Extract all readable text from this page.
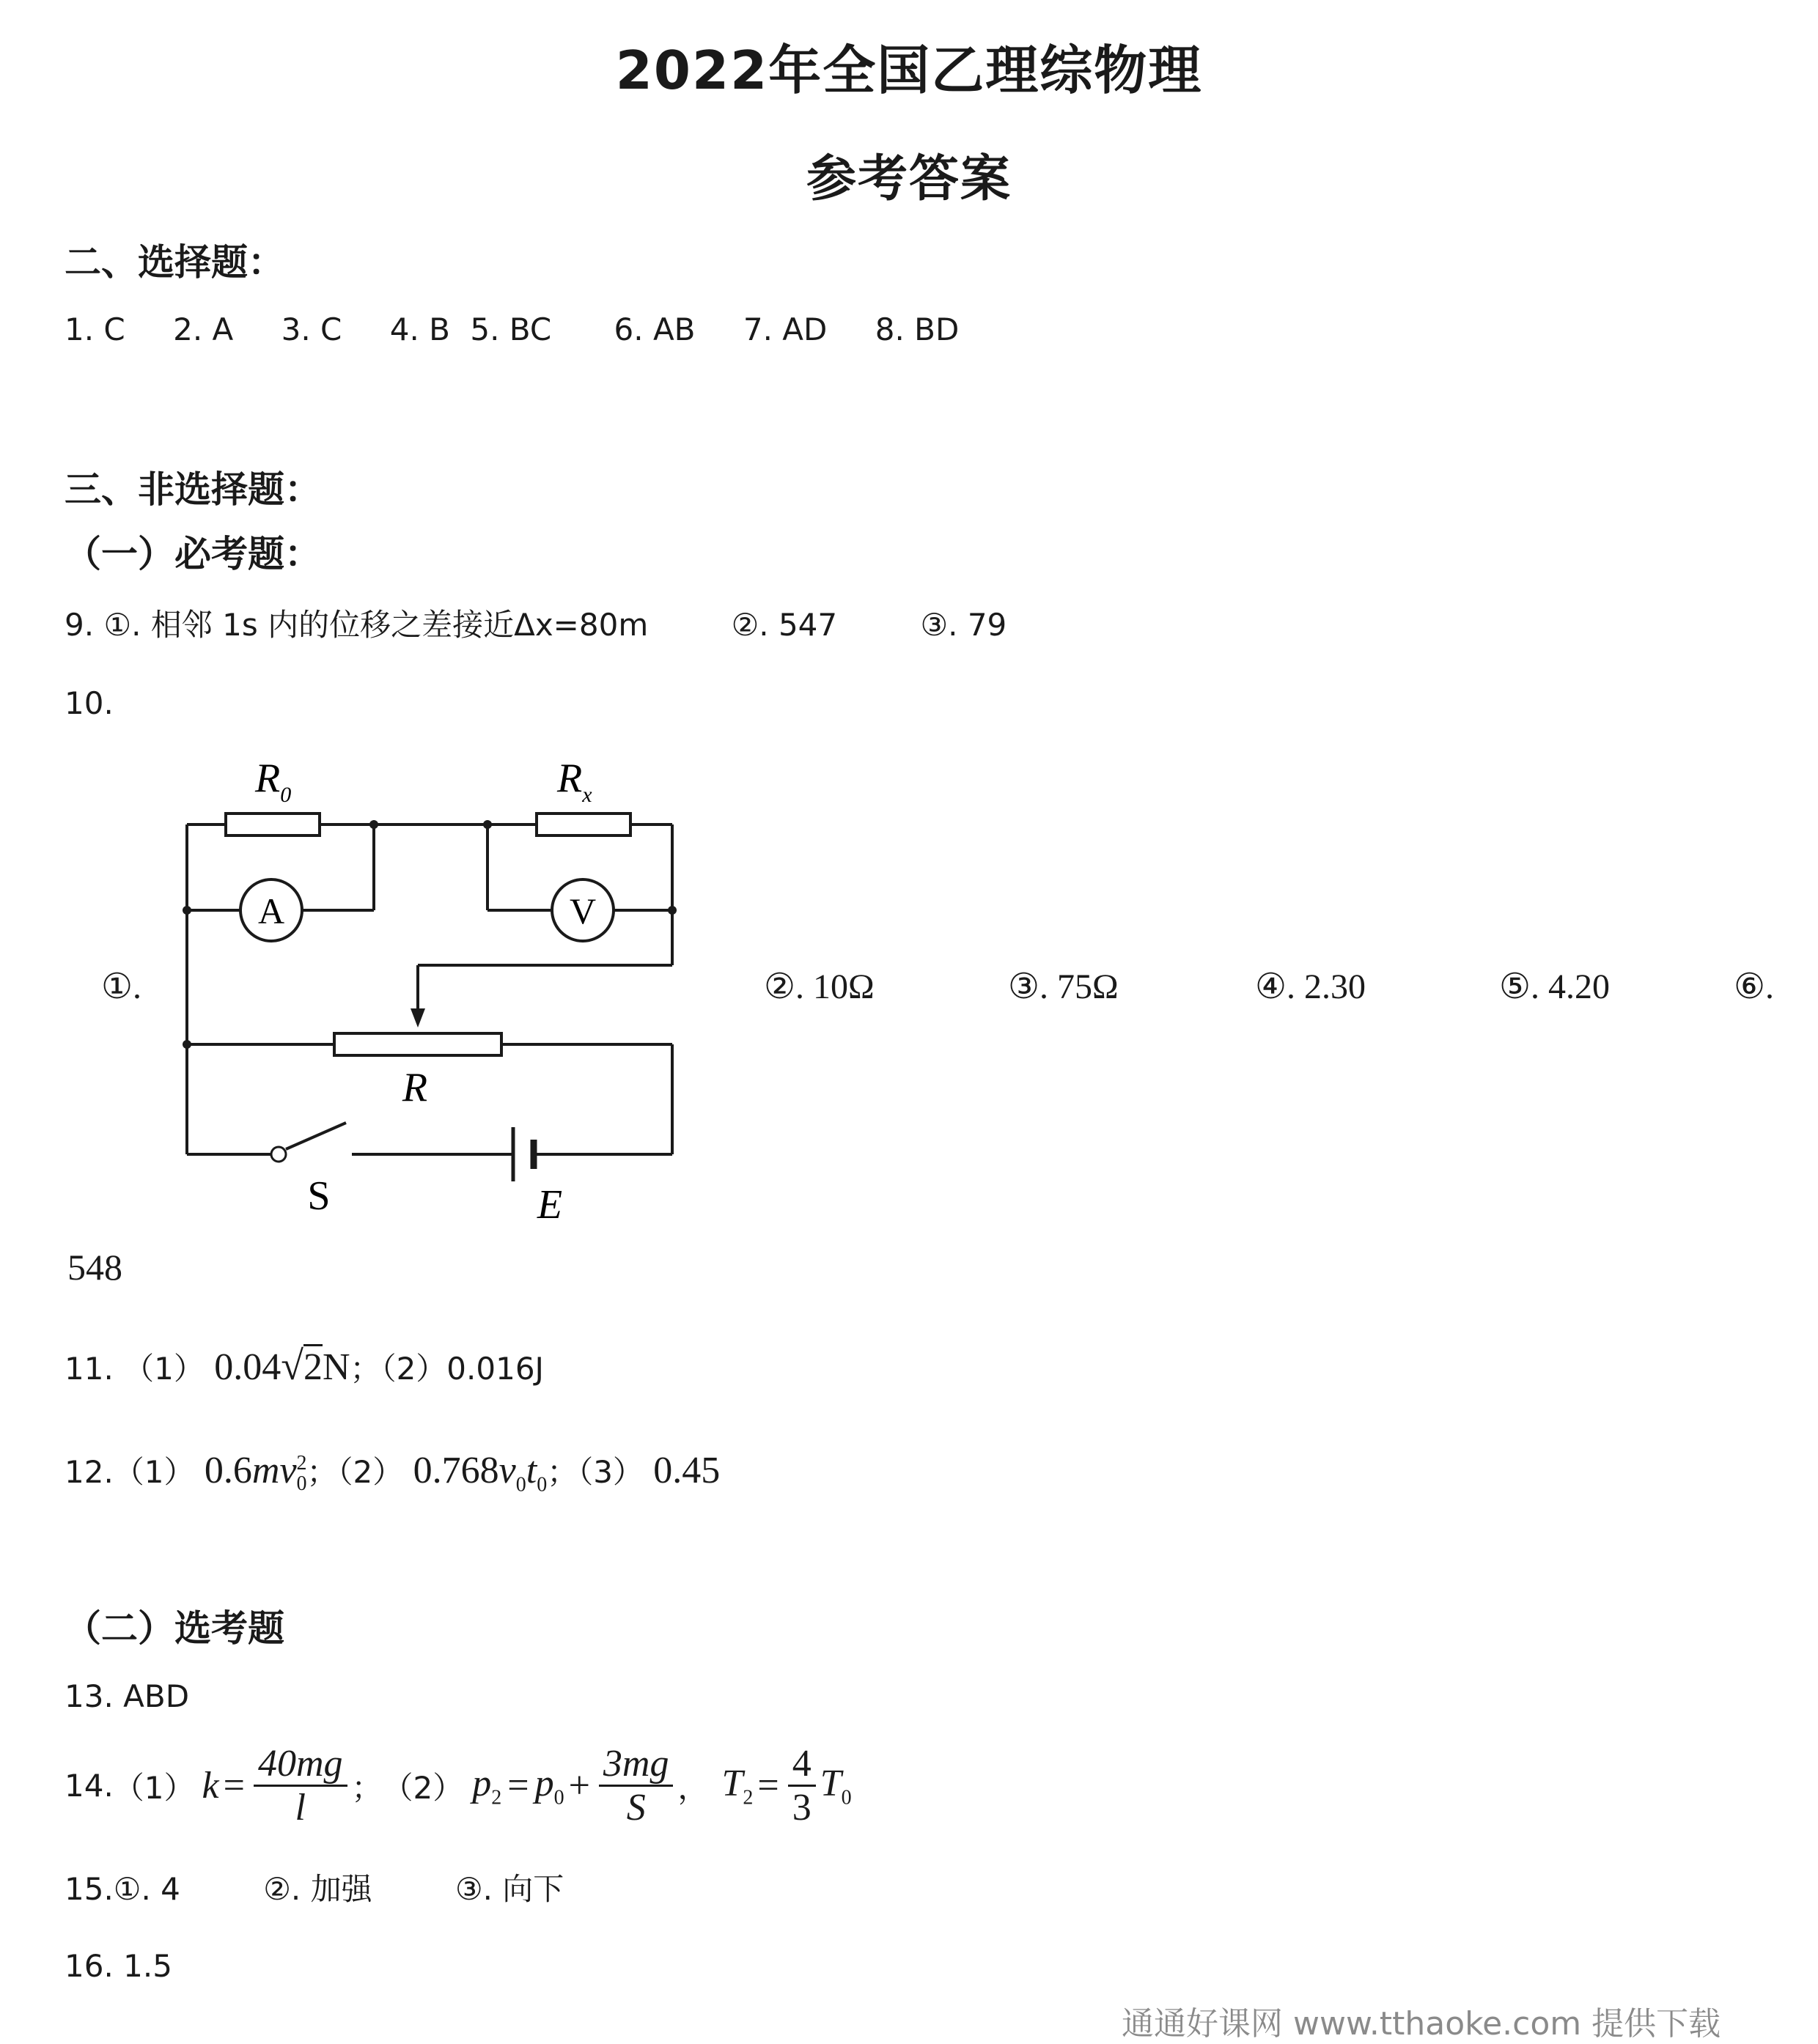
2022年全国乙理综物理
参考答案
二、选择题：
1. C 2. A 3. C 4. B 5. BC 6. AB 7. AD 8. BD
三、非选择题：
（一）必考题：
9. ①. 相邻 1s 内的位移之差接近Δx=80m	②. 547	③. 79
10.
①.
$R_0$	$R_x$
A	V
R
S	E
②. 10Ω	③. 75Ω	④. 2.30	⑤. 4.20	⑥.
548
11. （1） 0.04√2N；（2）0.016J
12.（1） 0.6mv 2
0 ；（2） $0.768v_0t_0$；（3） 0.45
（二）选考题
13. ABD
14. （1） $k = \frac{40mg}{l}$ ； （2） $p_2 = p_0 + \frac{3mg}{S}$ ， $T_2 = \frac{4}{3} T_0$
15.①. 4	②. 加强	③. 向下
16. 1.5
通通好课网 www.tthaoke.com 提供下载
